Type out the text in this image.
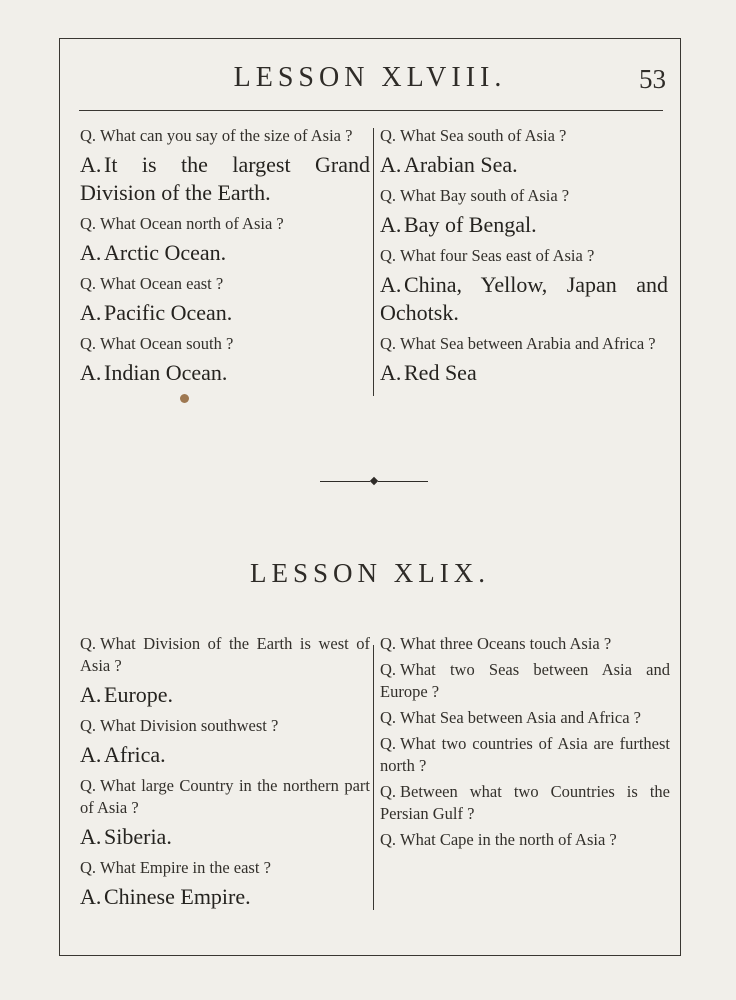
LESSON XLVIII.	53

Q. What can you say of the size of Asia ?

A. It is the largest Grand Division of the Earth.

Q. What Ocean north of Asia ?

A. Arctic Ocean.

Q. What Ocean east ?

A. Pacific Ocean.

Q. What Ocean south ?

A. Indian Ocean.

Q. What Sea south of Asia ?

A. Arabian Sea.

Q. What Bay south of Asia ?

A. Bay of Bengal.

Q. What four Seas east of Asia ?

A. China, Yellow, Japan and Ochotsk.

Q. What Sea between Arabia and Africa ?

A. Red Sea

LESSON XLIX.

Q. What Division of the Earth is west of Asia ?

A. Europe.

Q. What Division southwest ?

A. Africa.

Q. What large Country in the northern part of Asia ?

A. Siberia.

Q. What Empire in the east ?

A. Chinese Empire.

Q. What three Oceans touch Asia ?

Q. What two Seas between Asia and Europe ?

Q. What Sea between Asia and Africa ?

Q. What two countries of Asia are furthest north ?

Q. Between what two Countries is the Persian Gulf ?

Q. What Cape in the north of Asia ?
